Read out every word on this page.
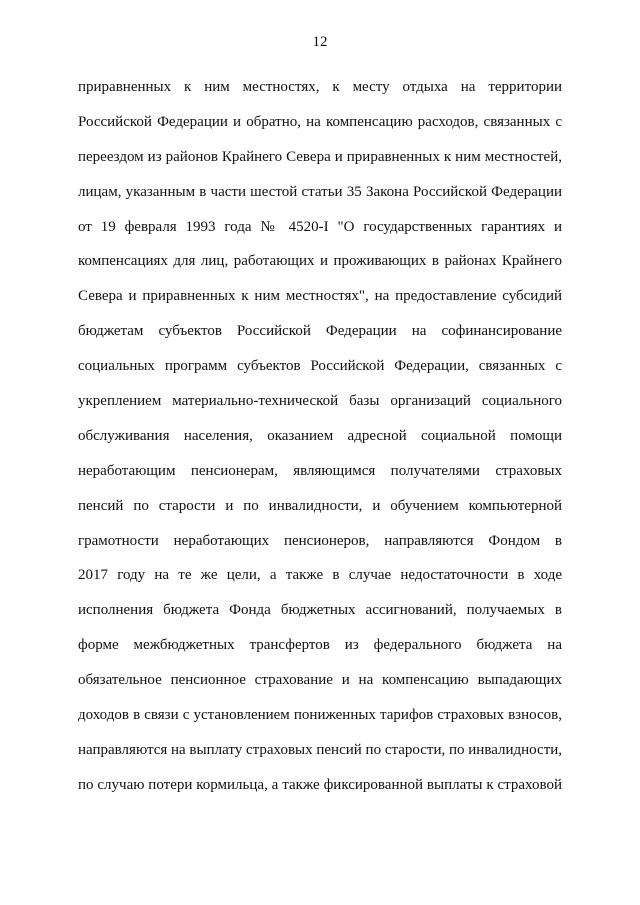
12
приравненных к ним местностях, к месту отдыха на территории
Российской Федерации и обратно, на компенсацию расходов, связанных с
переездом из районов Крайнего Севера и приравненных к ним местностей,
лицам, указанным в части шестой статьи 35 Закона Российской Федерации
от 19 февраля 1993 года № 4520-I "О государственных гарантиях и
компенсациях для лиц, работающих и проживающих в районах Крайнего
Севера и приравненных к ним местностях", на предоставление субсидий
бюджетам субъектов Российской Федерации на софинансирование
социальных программ субъектов Российской Федерации, связанных с
укреплением материально-технической базы организаций социального
обслуживания населения, оказанием адресной социальной помощи
неработающим пенсионерам, являющимся получателями страховых
пенсий по старости и по инвалидности, и обучением компьютерной
грамотности неработающих пенсионеров, направляются Фондом в
2017 году на те же цели, а также в случае недостаточности в ходе
исполнения бюджета Фонда бюджетных ассигнований, получаемых в
форме межбюджетных трансфертов из федерального бюджета на
обязательное пенсионное страхование и на компенсацию выпадающих
доходов в связи с установлением пониженных тарифов страховых взносов,
направляются на выплату страховых пенсий по старости, по инвалидности,
по случаю потери кормильца, а также фиксированной выплаты к страховой
